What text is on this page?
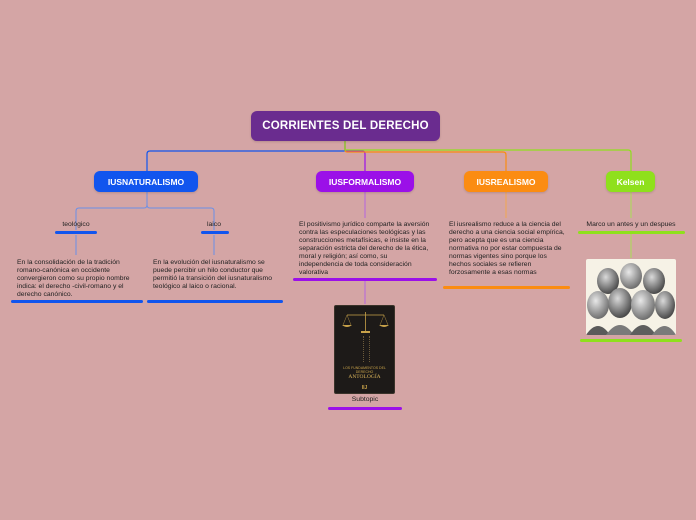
CORRIENTES DEL DERECHO
IUSNATURALISMO	IUSFORMALISMO	IUSREALISMO	Kelsen
teológico	laico
En la consolidación de la tradición romano-canónica en occidente convergieron como su propio nombre indica: el derecho -civil-romano y el derecho canónico.
En la evolución del iusnaturalismo se puede percibir un hilo conductor que permitió la transición del iusnaturalismo teológico al laico o racional.
El positivismo jurídico comparte la aversión contra las especulaciones teológicas y las construcciones metafísicas, e insiste en la separación estricta del derecho de la ética, moral y religión; así como, su independencia de toda consideración valorativa
LOS FUNDAMENTOS DEL DERECHO
ANTOLOGÍA
IIJ
Subtopic
El iusrealismo reduce a la ciencia del derecho a una ciencia social empírica, pero acepta que es una ciencia normativa no por estar compuesta de normas vigentes sino porque los hechos sociales se refieren forzosamente a esas normas
Marco un antes y un despues
